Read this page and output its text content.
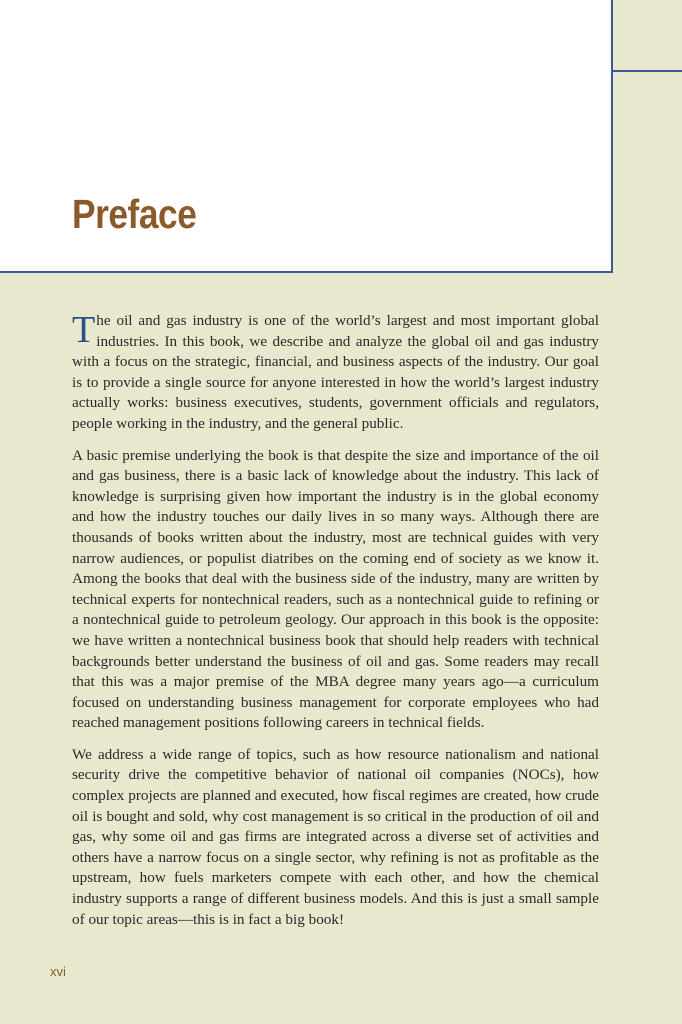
Preface

The oil and gas industry is one of the world’s largest and most important global industries. In this book, we describe and analyze the global oil and gas industry with a focus on the strategic, financial, and business aspects of the industry. Our goal is to provide a single source for anyone interested in how the world’s largest industry actually works: business executives, students, government officials and regulators, people working in the industry, and the general public.

A basic premise underlying the book is that despite the size and importance of the oil and gas business, there is a basic lack of knowledge about the industry. This lack of knowledge is surprising given how important the industry is in the global economy and how the industry touches our daily lives in so many ways. Although there are thousands of books written about the industry, most are technical guides with very narrow audiences, or populist diatribes on the coming end of society as we know it. Among the books that deal with the business side of the industry, many are written by technical experts for nontechnical readers, such as a nontechnical guide to refining or a nontechnical guide to petroleum geology. Our approach in this book is the opposite: we have written a nontechnical business book that should help readers with technical backgrounds better understand the business of oil and gas. Some readers may recall that this was a major premise of the MBA degree many years ago—a curriculum focused on understanding business management for corporate employees who had reached management positions following careers in technical fields.

We address a wide range of topics, such as how resource nationalism and national security drive the competitive behavior of national oil companies (NOCs), how complex projects are planned and executed, how fiscal regimes are created, how crude oil is bought and sold, why cost management is so critical in the production of oil and gas, why some oil and gas firms are integrated across a diverse set of activities and others have a narrow focus on a single sector, why refining is not as profitable as the upstream, how fuels marketers compete with each other, and how the chemical industry supports a range of different business models. And this is just a small sample of our topic areas—this is in fact a big book!

xvi
